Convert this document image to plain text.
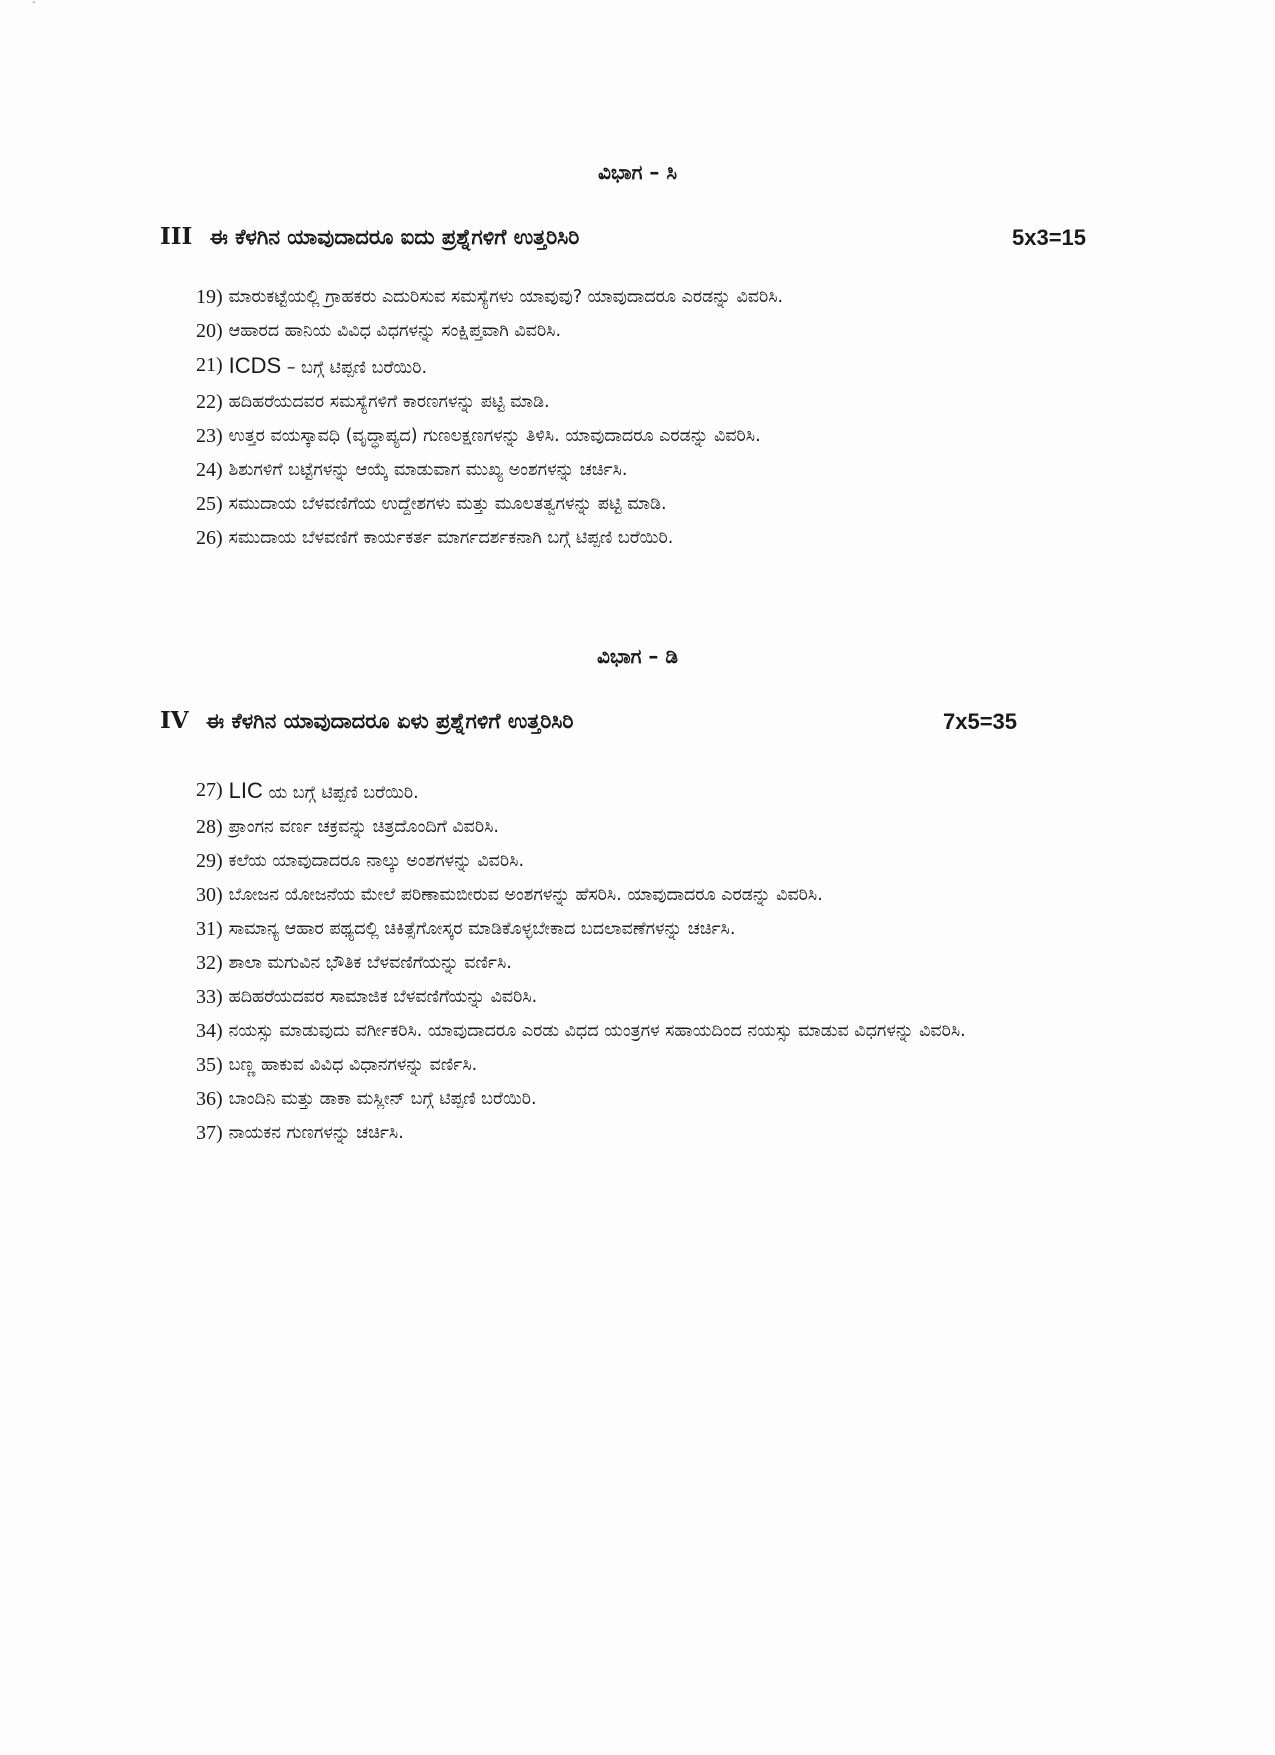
ವಿಭಾಗ – ಸಿ
III ಈ ಕೆಳಗಿನ ಯಾವುದಾದರೂ ಐದು ಪ್ರಶ್ನೆಗಳಿಗೆ ಉತ್ತರಿಸಿರಿ	5x3=15
19) ಮಾರುಕಟ್ಟೆಯಲ್ಲಿ ಗ್ರಾಹಕರು ಎದುರಿಸುವ ಸಮಸ್ಯೆಗಳು ಯಾವುವು? ಯಾವುದಾದರೂ ಎರಡನ್ನು ವಿವರಿಸಿ.
20) ಆಹಾರದ ಹಾನಿಯ ವಿವಿಧ ವಿಧಗಳನ್ನು ಸಂಕ್ಷಿಪ್ತವಾಗಿ ವಿವರಿಸಿ.
21) ICDS – ಬಗ್ಗೆ ಟಿಪ್ಪಣಿ ಬರೆಯಿರಿ.
22) ಹದಿಹರೆಯದವರ ಸಮಸ್ಯೆಗಳಿಗೆ ಕಾರಣಗಳನ್ನು ಪಟ್ಟಿ ಮಾಡಿ.
23) ಉತ್ತರ ವಯಸ್ಕಾವಧಿ (ವೃದ್ಧಾಪ್ಯದ) ಗುಣಲಕ್ಷಣಗಳನ್ನು ತಿಳಿಸಿ. ಯಾವುದಾದರೂ ಎರಡನ್ನು ವಿವರಿಸಿ.
24) ಶಿಶುಗಳಿಗೆ ಬಟ್ಟೆಗಳನ್ನು ಆಯ್ಕೆ ಮಾಡುವಾಗ ಮುಖ್ಯ ಅಂಶಗಳನ್ನು ಚರ್ಚಿಸಿ.
25) ಸಮುದಾಯ ಬೆಳವಣಿಗೆಯ ಉದ್ದೇಶಗಳು ಮತ್ತು ಮೂಲತತ್ವಗಳನ್ನು ಪಟ್ಟಿ ಮಾಡಿ.
26) ಸಮುದಾಯ ಬೆಳವಣಿಗೆ ಕಾರ್ಯಕರ್ತ ಮಾರ್ಗದರ್ಶಕನಾಗಿ ಬಗ್ಗೆ ಟಿಪ್ಪಣಿ ಬರೆಯಿರಿ.
ವಿಭಾಗ – ಡಿ
IV ಈ ಕೆಳಗಿನ ಯಾವುದಾದರೂ ಏಳು ಪ್ರಶ್ನೆಗಳಿಗೆ ಉತ್ತರಿಸಿರಿ	7x5=35
27) LIC ಯ ಬಗ್ಗೆ ಟಿಪ್ಪಣಿ ಬರೆಯಿರಿ.
28) ಪ್ರಾಂಗನ ವರ್ಣ ಚಕ್ರವನ್ನು ಚಿತ್ರದೊಂದಿಗೆ ವಿವರಿಸಿ.
29) ಕಲೆಯ ಯಾವುದಾದರೂ ನಾಲ್ಕು ಅಂಶಗಳನ್ನು ವಿವರಿಸಿ.
30) ಬೋಜನ ಯೋಜನೆಯ ಮೇಲೆ ಪರಿಣಾಮಬೀರುವ ಅಂಶಗಳನ್ನು ಹೆಸರಿಸಿ. ಯಾವುದಾದರೂ ಎರಡನ್ನು ವಿವರಿಸಿ.
31) ಸಾಮಾನ್ಯ ಆಹಾರ ಪಥ್ಯದಲ್ಲಿ ಚಿಕಿತ್ಸೆಗೋಸ್ಕರ ಮಾಡಿಕೊಳ್ಳಬೇಕಾದ ಬದಲಾವಣೆಗಳನ್ನು ಚರ್ಚಿಸಿ.
32) ಶಾಲಾ ಮಗುವಿನ ಭೌತಿಕ ಬೆಳವಣಿಗೆಯನ್ನು ವರ್ಣಿಸಿ.
33) ಹದಿಹರೆಯದವರ ಸಾಮಾಜಿಕ ಬೆಳವಣಿಗೆಯನ್ನು ವಿವರಿಸಿ.
34) ನಯಸ್ಸು ಮಾಡುವುದು ವರ್ಗೀಕರಿಸಿ. ಯಾವುದಾದರೂ ಎರಡು ವಿಧದ ಯಂತ್ರಗಳ ಸಹಾಯದಿಂದ ನಯಸ್ಸು ಮಾಡುವ ವಿಧಗಳನ್ನು ವಿವರಿಸಿ.
35) ಬಣ್ಣ ಹಾಕುವ ವಿವಿಧ ವಿಧಾನಗಳನ್ನು ವರ್ಣಿಸಿ.
36) ಬಾಂದಿನಿ ಮತ್ತು ಡಾಕಾ ಮಸ್ಲೀನ್ ಬಗ್ಗೆ ಟಿಪ್ಪಣಿ ಬರೆಯಿರಿ.
37) ನಾಯಕನ ಗುಣಗಳನ್ನು ಚರ್ಚಿಸಿ.
